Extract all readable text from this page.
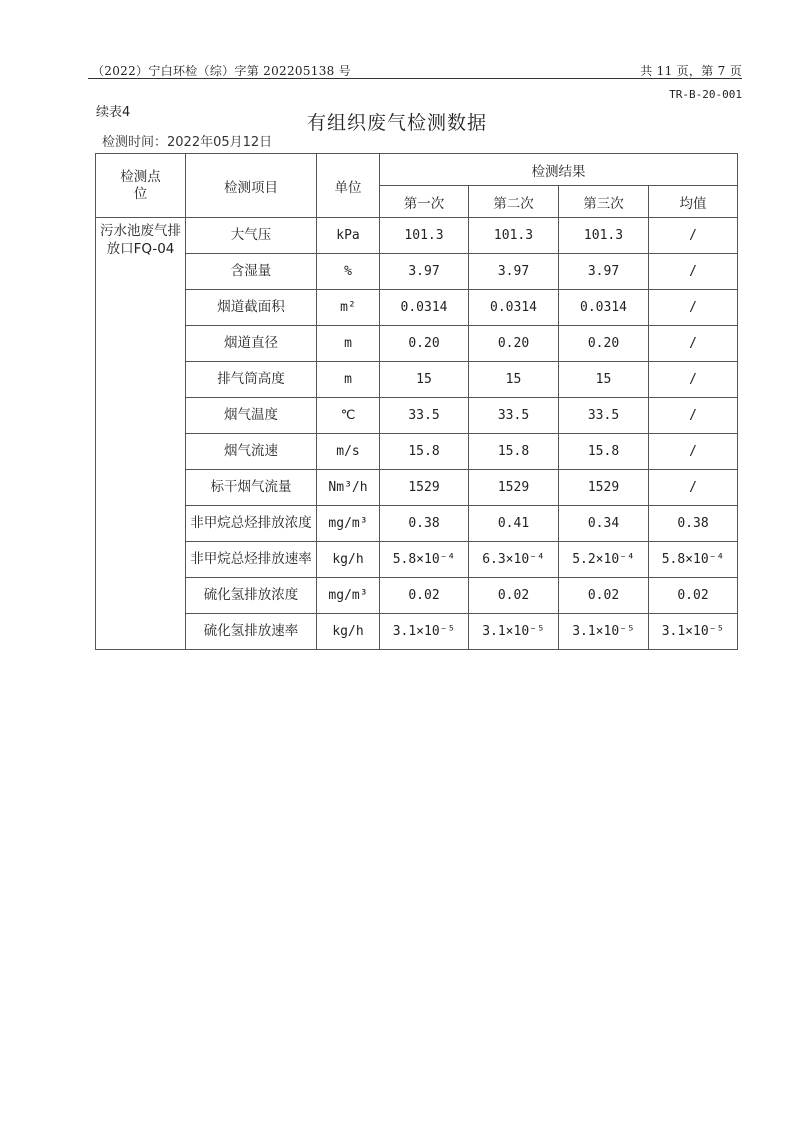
（2022）宁白环检（综）字第 202205138 号	共 11 页，第 7 页
TR-B-20-001
续表4	有组织废气检测数据
检测时间：2022年05月12日
检测点位	检测项目	单位	检测结果			
			第一次	第二次	第三次	均值
污水池废气排放口FQ-04	大气压	kPa	101.3	101.3	101.3	/
	含湿量	%	3.97	3.97	3.97	/
	烟道截面积	m²	0.0314	0.0314	0.0314	/
	烟道直径	m	0.20	0.20	0.20	/
	排气筒高度	m	15	15	15	/
	烟气温度	℃	33.5	33.5	33.5	/
	烟气流速	m/s	15.8	15.8	15.8	/
	标干烟气流量	Nm³/h	1529	1529	1529	/
	非甲烷总烃排放浓度	mg/m³	0.38	0.41	0.34	0.38
	非甲烷总烃排放速率	kg/h	5.8×10⁻⁴	6.3×10⁻⁴	5.2×10⁻⁴	5.8×10⁻⁴
	硫化氢排放浓度	mg/m³	0.02	0.02	0.02	0.02
	硫化氢排放速率	kg/h	3.1×10⁻⁵	3.1×10⁻⁵	3.1×10⁻⁵	3.1×10⁻⁵
